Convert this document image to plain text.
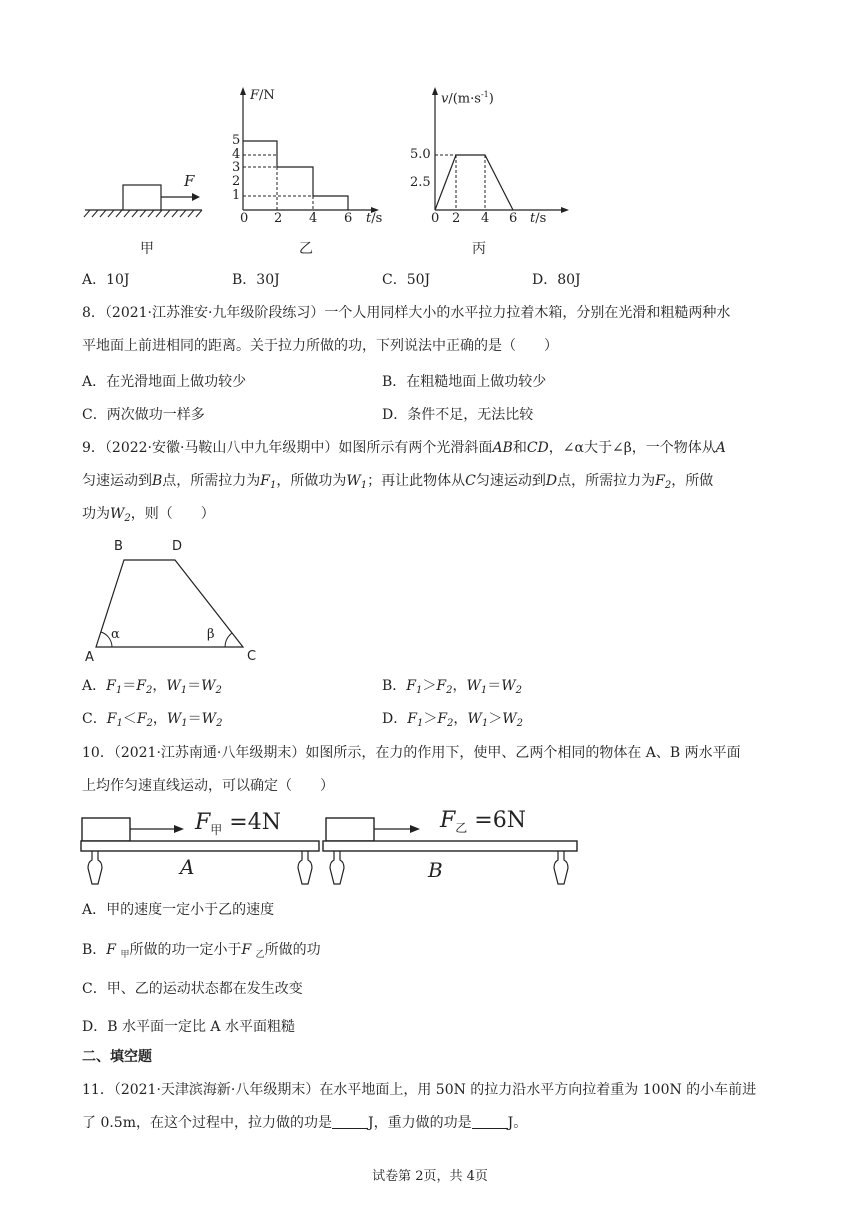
F
F/N
5
4
3
2
1
0 2 4 6 t/s
$v/(m\cdot s^{-1})$
5.0
2.5
0 2 4 6 t/s
甲	乙	丙
A．10J	B．30J	C．50J	D．80J
8．（2021·江苏淮安·九年级阶段练习）一个人用同样大小的水平拉力拉着木箱，分别在光滑和粗糙两种水
平地面上前进相同的距离。关于拉力所做的功，下列说法中正确的是（　　）
A．在光滑地面上做功较少	B．在粗糙地面上做功较少
C．两次做功一样多	D．条件不足，无法比较
9．（2022·安徽·马鞍山八中九年级期中）如图所示有两个光滑斜面AB和CD，∠α大于∠β，一个物体从A
匀速运动到B点，所需拉力为$F_1$，所做功为$W_1$；再让此物体从C匀速运动到D点，所需拉力为$F_2$，所做
功为$W_2$，则（　　）
B	D
A	C
α	β
A．$F_1=F_2$，$W_1=W_2$	B．$F_1>F_2$，$W_1=W_2$
C．$F_1<F_2$，$W_1=W_2$	D．$F_1>F_2$，$W_1>W_2$
10．（2021·江苏南通·八年级期末）如图所示，在力的作用下，使甲、乙两个相同的物体在 A、B 两水平面
上均作匀速直线运动，可以确定（　　）
$F_甲 =4N$	$F_乙 =6N$
A	B
A．甲的速度一定小于乙的速度
B．F $_甲$所做的功一定小于F $_乙$所做的功
C．甲、乙的运动状态都在发生改变
D．B 水平面一定比 A 水平面粗糙
二、填空题
11．（2021·天津滨海新·八年级期末）在水平地面上，用 50N 的拉力沿水平方向拉着重为 100N 的小车前进
了 0.5m，在这个过程中，拉力做的功是	J，重力做的功是	J。
试卷第 2页，共 4页
